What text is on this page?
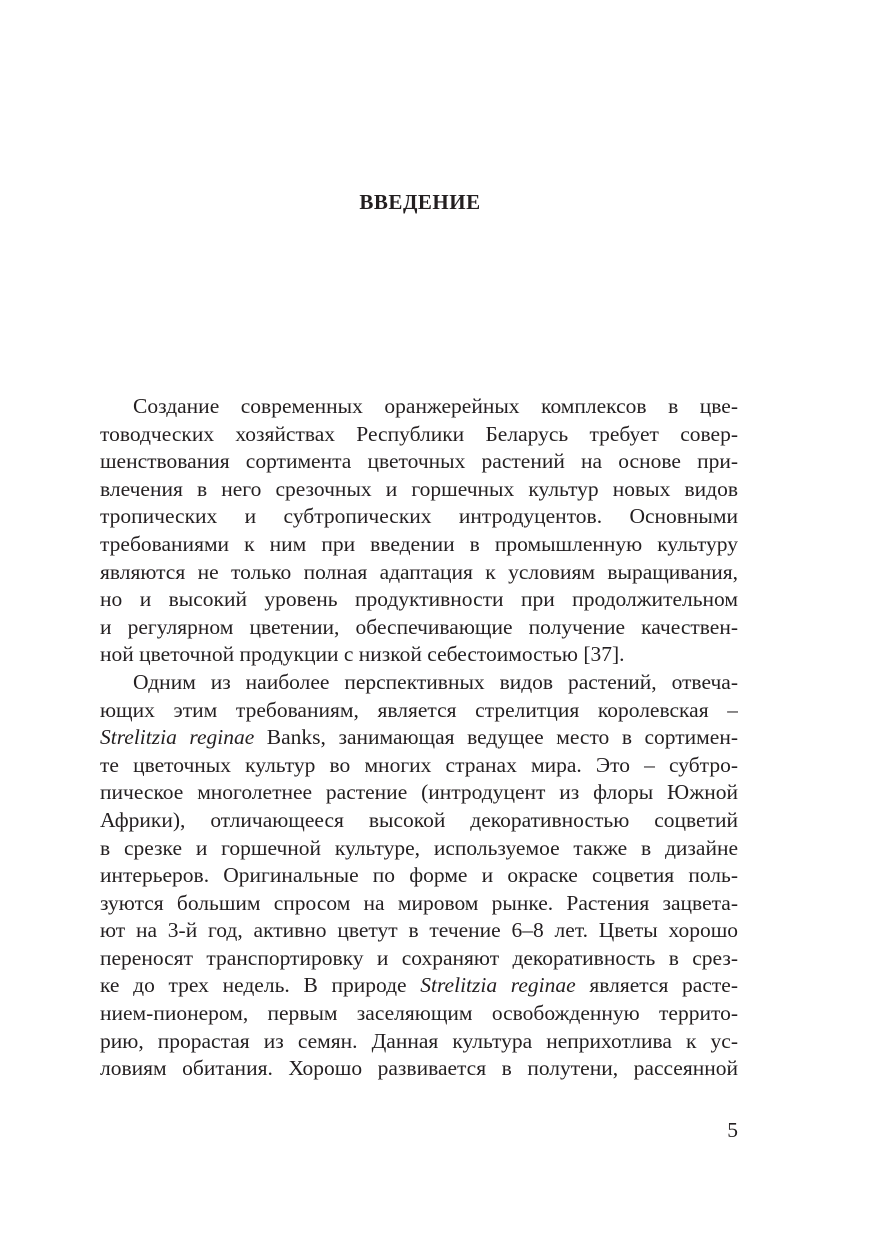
ВВЕДЕНИЕ
Создание современных оранжерейных комплексов в цве-
товодческих хозяйствах Республики Беларусь требует совер-
шенствования сортимента цветочных растений на основе при-
влечения в него срезочных и горшечных культур новых видов
тропических и субтропических интродуцентов. Основными
требованиями к ним при введении в промышленную культуру
являются не только полная адаптация к условиям выращивания,
но и высокий уровень продуктивности при продолжительном
и регулярном цветении, обеспечивающие получение качествен-
ной цветочной продукции с низкой себестоимостью [37].
Одним из наиболее перспективных видов растений, отвеча-
ющих этим требованиям, является стрелитция королевская –
Strelitzia reginae Banks, занимающая ведущее место в сортимен-
те цветочных культур во многих странах мира. Это – субтро-
пическое многолетнее растение (интродуцент из флоры Южной
Африки), отличающееся высокой декоративностью соцветий
в срезке и горшечной культуре, используемое также в дизайне
интерьеров. Оригинальные по форме и окраске соцветия поль-
зуются большим спросом на мировом рынке. Растения зацвета-
ют на 3-й год, активно цветут в течение 6–8 лет. Цветы хорошо
переносят транспортировку и сохраняют декоративность в срез-
ке до трех недель. В природе Strelitzia reginae является расте-
нием-пионером, первым заселяющим освобожденную террито-
рию, прорастая из семян. Данная культура неприхотлива к ус-
ловиям обитания. Хорошо развивается в полутени, рассеянной
5
